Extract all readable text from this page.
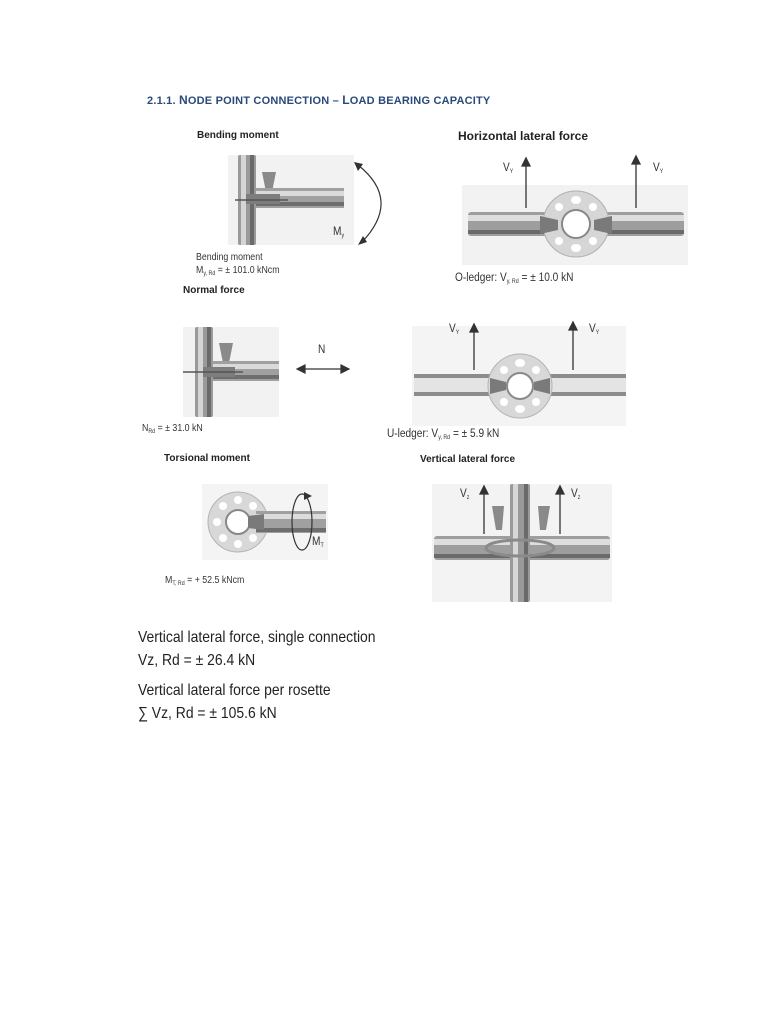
2.1.1. NODE POINT CONNECTION – LOAD BEARING CAPACITY
Bending moment
$M_y$
Bending moment
$M_{y, Rd}$ = ± 101.0 kNcm
Horizontal lateral force
$V_Y$	$V_Y$
O-ledger: $V_{y, Rd}$ = ± 10.0 kN
Normal force
N
$N_{Rd}$ = ± 31.0 kN
$V_Y$	$V_Y$
U-ledger: $V_{y, Rd}$ = ± 5.9 kN
Torsional moment
$M_T$
$M_{T, Rd}$ = + 52.5 kNcm
Vertical lateral force
$V_z$	$V_z$
Vertical lateral force, single connection
Vz, Rd = ± 26.4 kN
Vertical lateral force per rosette
∑ Vz, Rd = ± 105.6 kN
